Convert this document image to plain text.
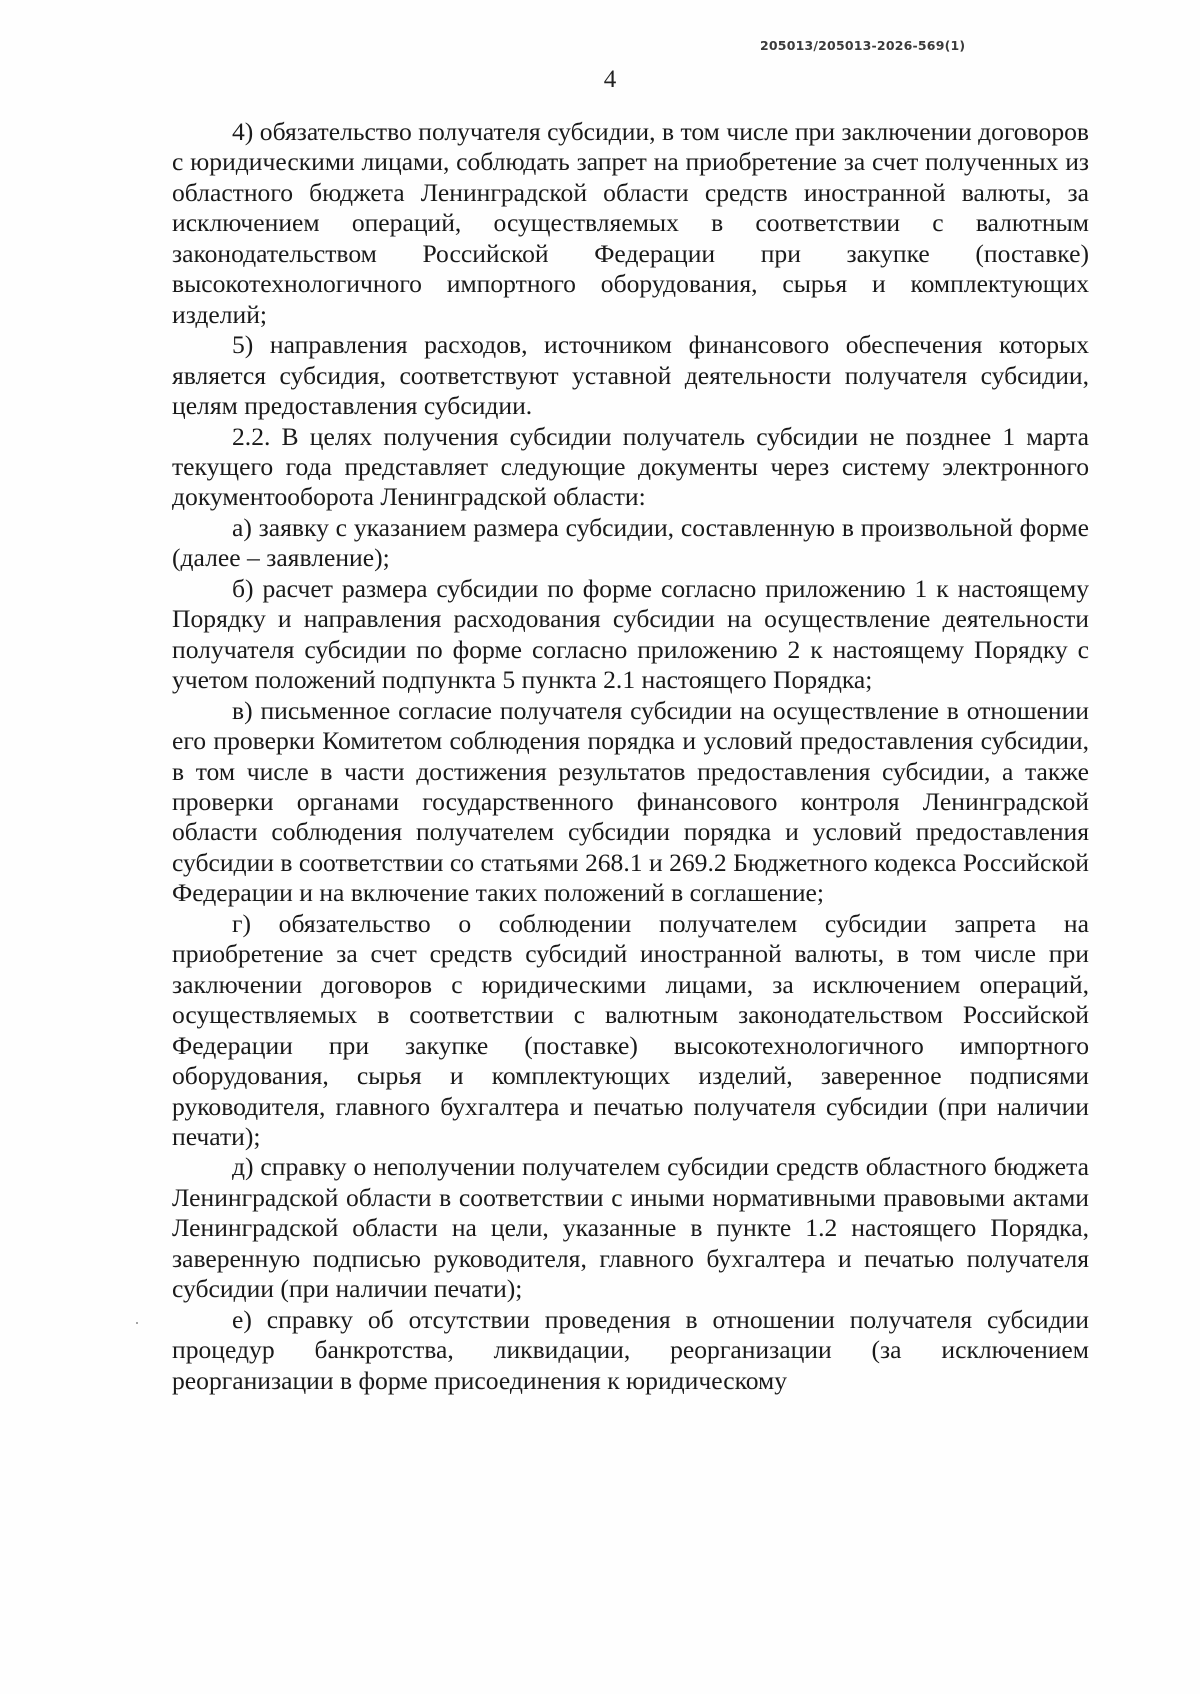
205013/205013-2026-569(1)
4

4) обязательство получателя субсидии, в том числе при заключении договоров с юридическими лицами, соблюдать запрет на приобретение за счет полученных из областного бюджета Ленинградской области средств иностранной валюты, за исключением операций, осуществляемых в соответствии с валютным законодательством Российской Федерации при закупке (поставке) высокотехнологичного импортного оборудования, сырья и комплектующих изделий;

5) направления расходов, источником финансового обеспечения которых является субсидия, соответствуют уставной деятельности получателя субсидии, целям предоставления субсидии.

2.2. В целях получения субсидии получатель субсидии не позднее 1 марта текущего года представляет следующие документы через систему электронного документооборота Ленинградской области:

а) заявку с указанием размера субсидии, составленную в произвольной форме (далее – заявление);

б) расчет размера субсидии по форме согласно приложению 1 к настоящему Порядку и направления расходования субсидии на осуществление деятельности получателя субсидии по форме согласно приложению 2 к настоящему Порядку с учетом положений подпункта 5 пункта 2.1 настоящего Порядка;

в) письменное согласие получателя субсидии на осуществление в отношении его проверки Комитетом соблюдения порядка и условий предоставления субсидии, в том числе в части достижения результатов предоставления субсидии, а также проверки органами государственного финансового контроля Ленинградской области соблюдения получателем субсидии порядка и условий предоставления субсидии в соответствии со статьями 268.1 и 269.2 Бюджетного кодекса Российской Федерации и на включение таких положений в соглашение;

г) обязательство о соблюдении получателем субсидии запрета на приобретение за счет средств субсидий иностранной валюты, в том числе при заключении договоров с юридическими лицами, за исключением операций, осуществляемых в соответствии с валютным законодательством Российской Федерации при закупке (поставке) высокотехнологичного импортного оборудования, сырья и комплектующих изделий, заверенное подписями руководителя, главного бухгалтера и печатью получателя субсидии (при наличии печати);

д) справку о неполучении получателем субсидии средств областного бюджета Ленинградской области в соответствии с иными нормативными правовыми актами Ленинградской области на цели, указанные в пункте 1.2 настоящего Порядка, заверенную подписью руководителя, главного бухгалтера и печатью получателя субсидии (при наличии печати);

е) справку об отсутствии проведения в отношении получателя субсидии процедур банкротства, ликвидации, реорганизации (за исключением реорганизации в форме присоединения к юридическому
